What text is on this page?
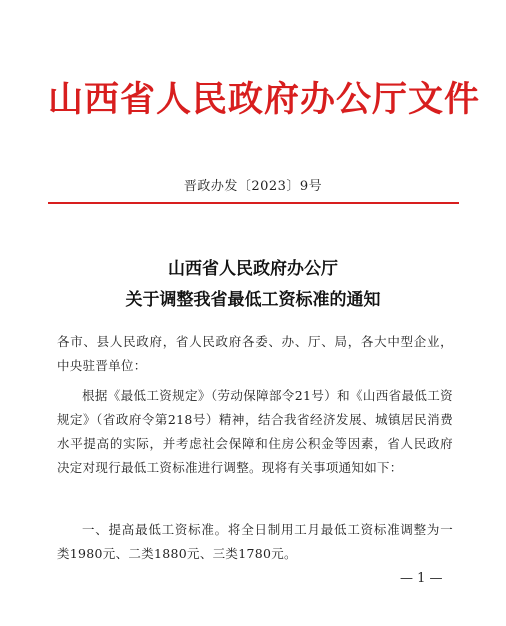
山西省人民政府办公厅文件
晋政办发〔2023〕9号
山西省人民政府办公厅
关于调整我省最低工资标准的通知
各市、县人民政府，省人民政府各委、办、厅、局，各大中型企业，中央驻晋单位：
根据《最低工资规定》（劳动保障部令21号）和《山西省最低工资规定》（省政府令第218号）精神，结合我省经济发展、城镇居民消费水平提高的实际，并考虑社会保障和住房公积金等因素，省人民政府决定对现行最低工资标准进行调整。现将有关事项通知如下：
一、提高最低工资标准。将全日制用工月最低工资标准调整为一类1980元、二类1880元、三类1780元。
— 1 —
